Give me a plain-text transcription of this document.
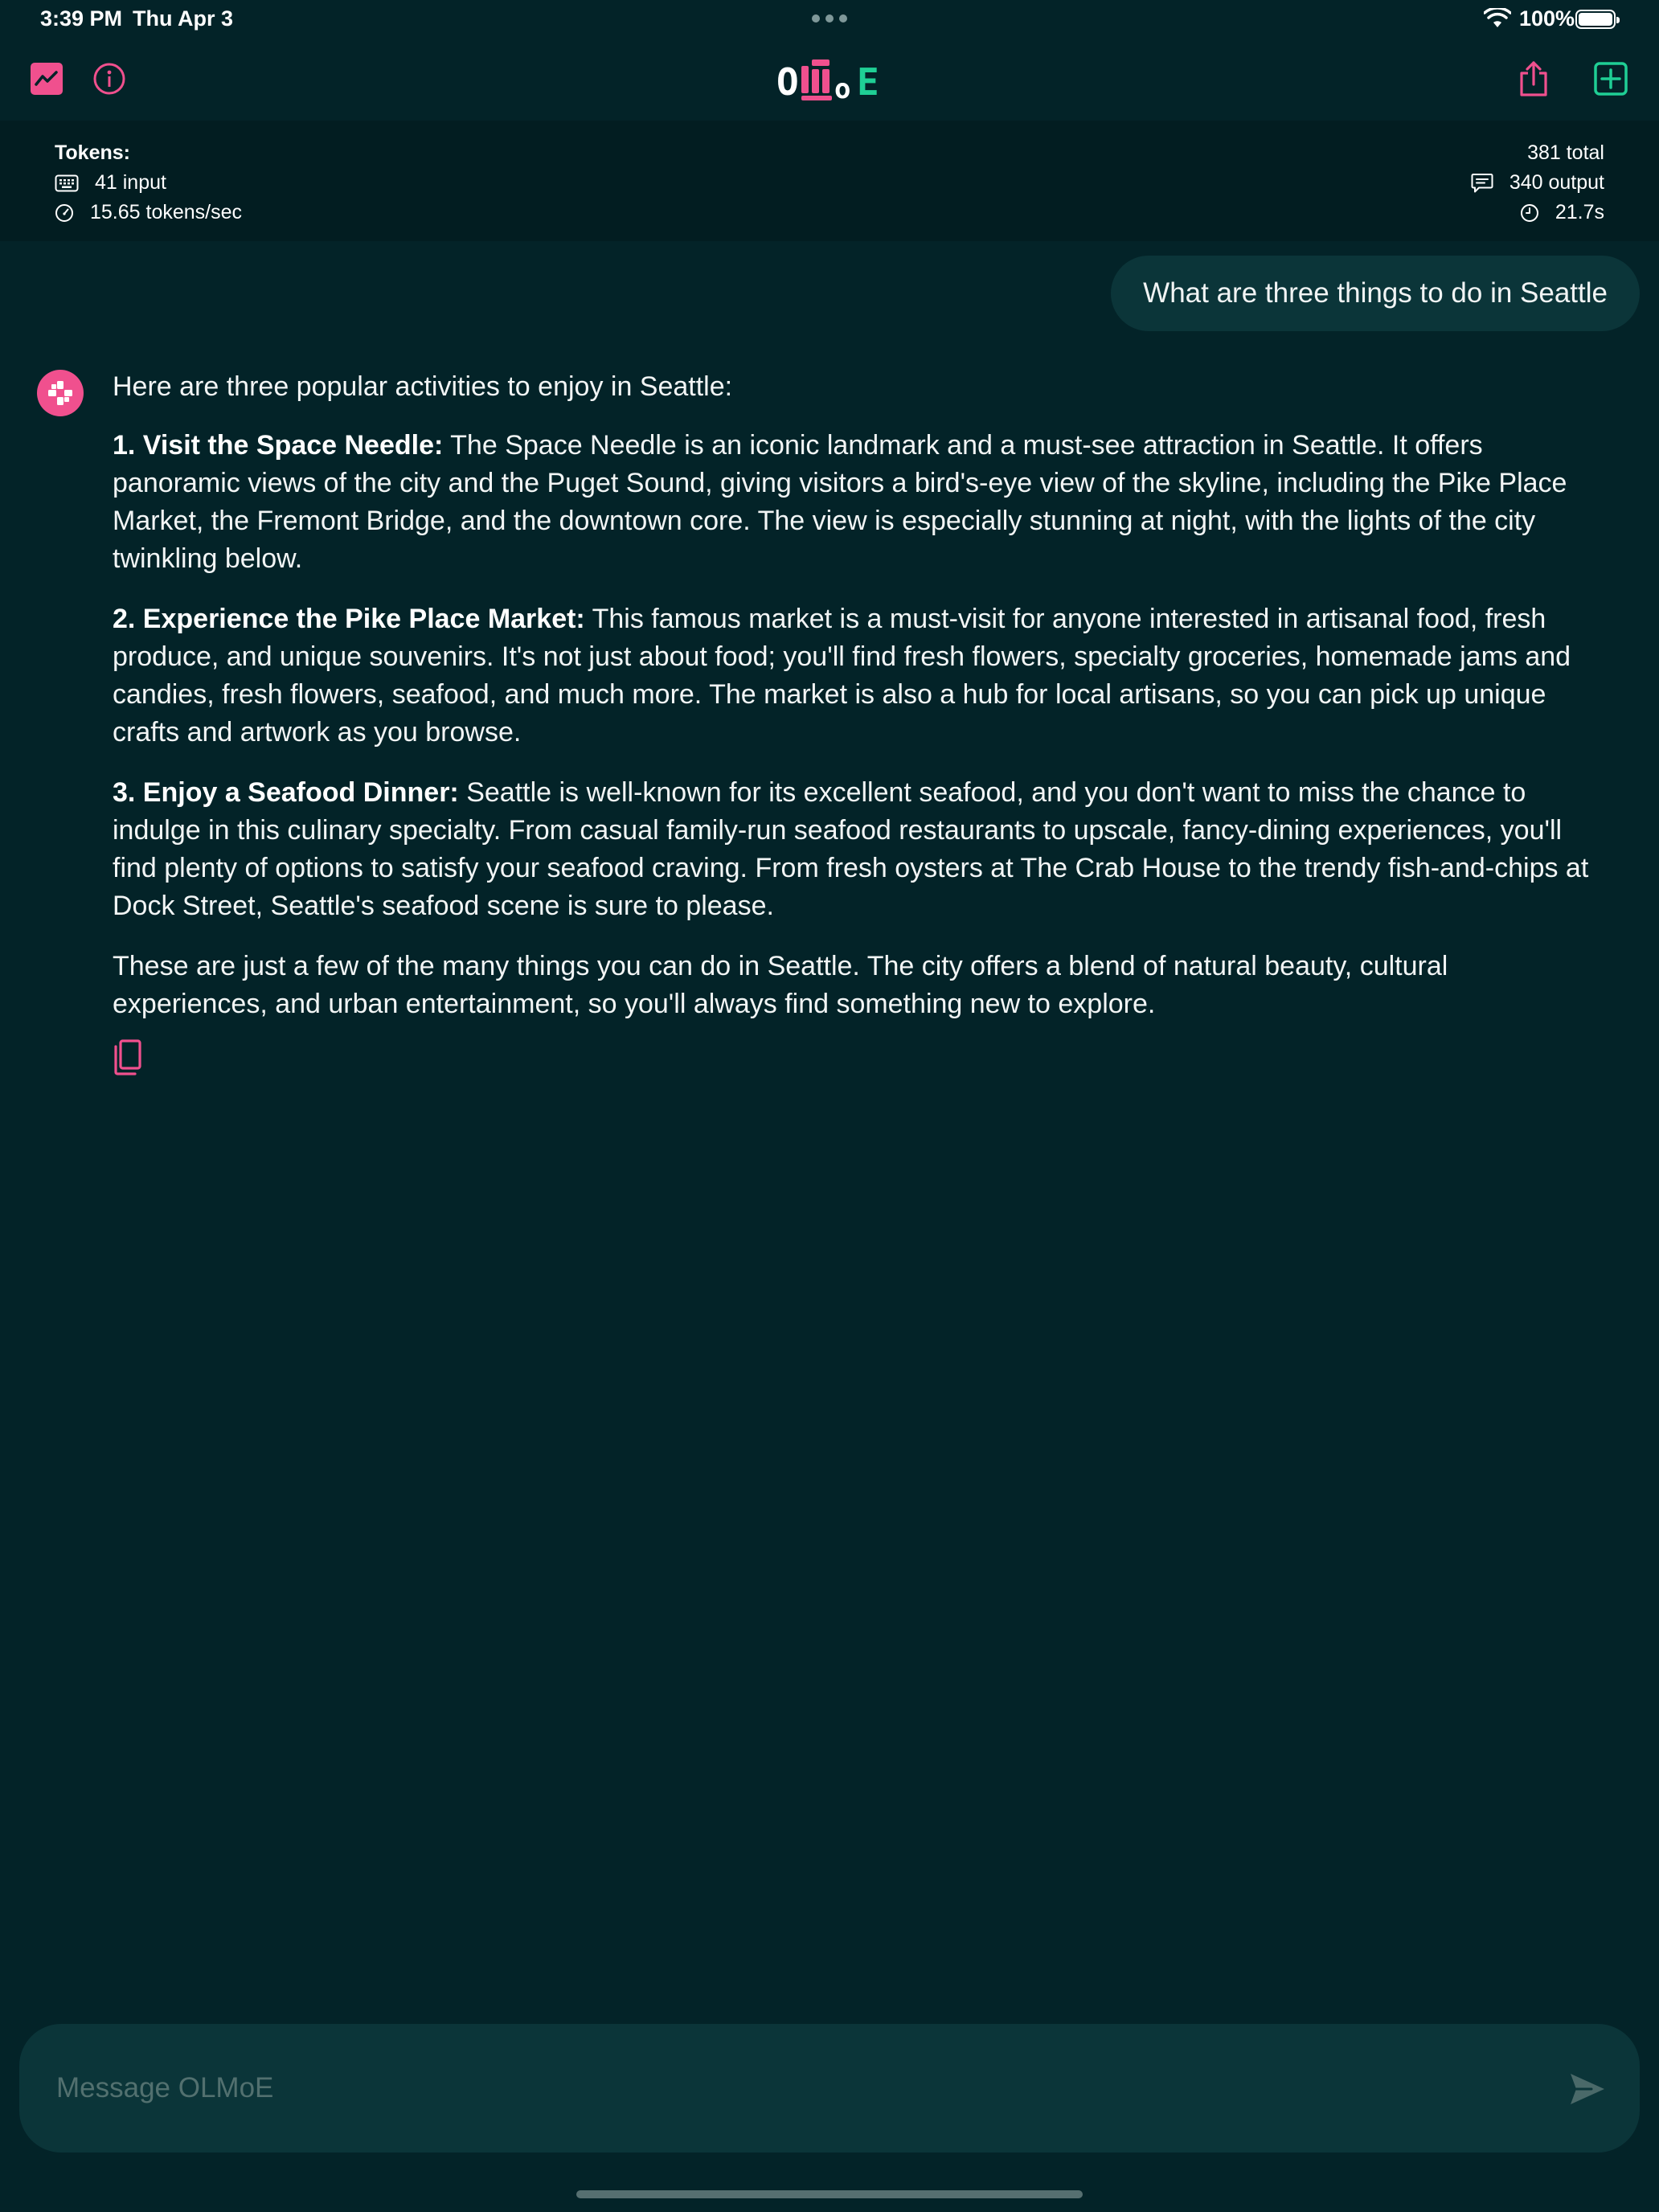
3:39 PM Thu Apr 3	100%
O o E
Tokens:
41 input
15.65 tokens/sec
381 total
340 output
21.7s
What are three things to do in Seattle

Here are three popular activities to enjoy in Seattle:

1. Visit the Space Needle: The Space Needle is an iconic landmark and a must-see attraction in Seattle. It offers panoramic views of the city and the Puget Sound, giving visitors a bird's-eye view of the skyline, including the Pike Place Market, the Fremont Bridge, and the downtown core. The view is especially stunning at night, with the lights of the city twinkling below.

2. Experience the Pike Place Market: This famous market is a must-visit for anyone interested in artisanal food, fresh produce, and unique souvenirs. It's not just about food; you'll find fresh flowers, specialty groceries, homemade jams and candies, fresh flowers, seafood, and much more. The market is also a hub for local artisans, so you can pick up unique crafts and artwork as you browse.

3. Enjoy a Seafood Dinner: Seattle is well-known for its excellent seafood, and you don't want to miss the chance to indulge in this culinary specialty. From casual family-run seafood restaurants to upscale, fancy-dining experiences, you'll find plenty of options to satisfy your seafood craving. From fresh oysters at The Crab House to the trendy fish-and-chips at Dock Street, Seattle's seafood scene is sure to please.

These are just a few of the many things you can do in Seattle. The city offers a blend of natural beauty, cultural experiences, and urban entertainment, so you'll always find something new to explore.

Message OLMoE
